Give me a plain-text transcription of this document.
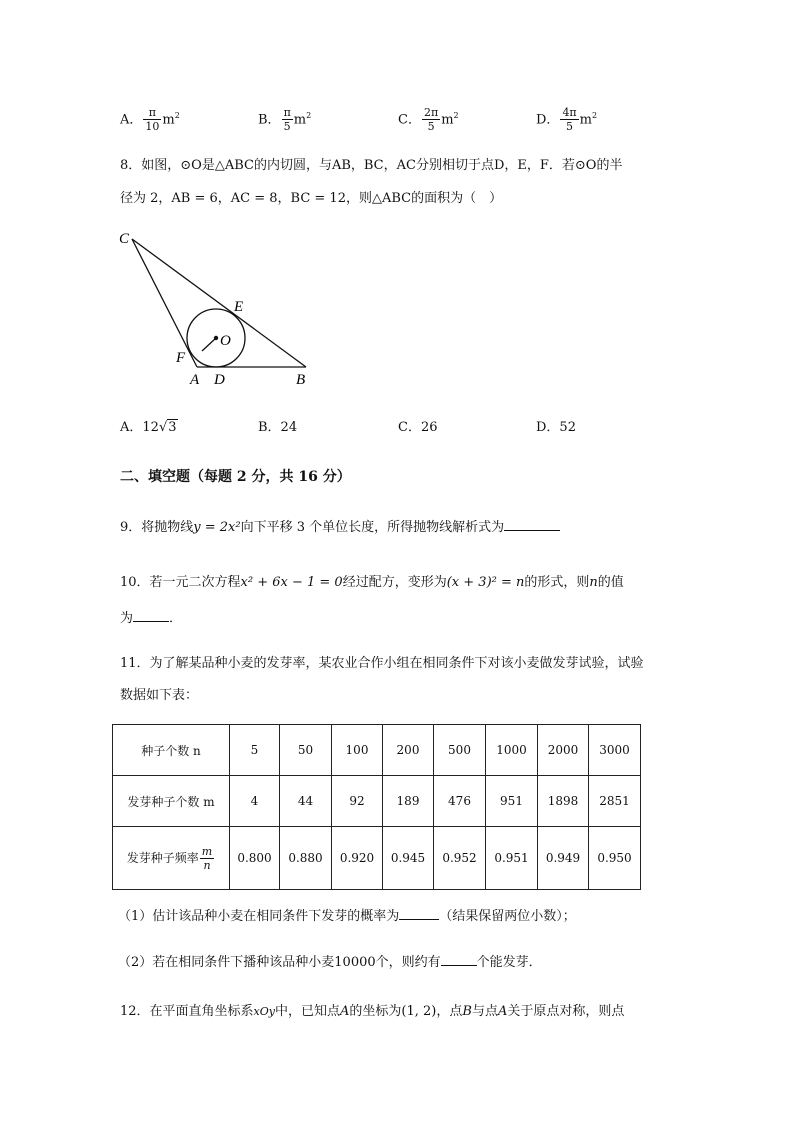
A． $\frac{\pi}{10} m^2$	B． $\frac{\pi}{5} m^2$	C． $\frac{2\pi}{5} m^2$	D． $\frac{4\pi}{5} m^2$
8．如图，⊙O是△ABC的内切圆，与AB，BC，AC分别相切于点D，E，F．若⊙O的半
径为 2，AB = 6，AC = 8，BC = 12，则△ABC的面积为（　）
C
E
O
F
A D	B
A．12√3	B．24	C．26	D．52
二、填空题（每题 2 分，共 16 分）
9．将抛物线y = 2x²向下平移 3 个单位长度，所得抛物线解析式为
10．若一元二次方程x² + 6x − 1 = 0经过配方，变形为(x + 3)² = n的形式，则n的值
为	．
11．为了解某品种小麦的发芽率，某农业合作小组在相同条件下对该小麦做发芽试验，试验
数据如下表：
种子个数 n	5	50	100	200	500	1000	2000	3000
发芽种子个数 m	4	44	92	189	476	951	1898	2851
发芽种子频率 $\frac{m}{n}$	0.800	0.880	0.920	0.945	0.952	0.951	0.949	0.950
（1）估计该品种小麦在相同条件下发芽的概率为	（结果保留两位小数）；
（2）若在相同条件下播种该品种小麦10000个，则约有	个能发芽．
12．在平面直角坐标系xOy中，已知点A的坐标为(1, 2)，点B与点A关于原点对称，则点
